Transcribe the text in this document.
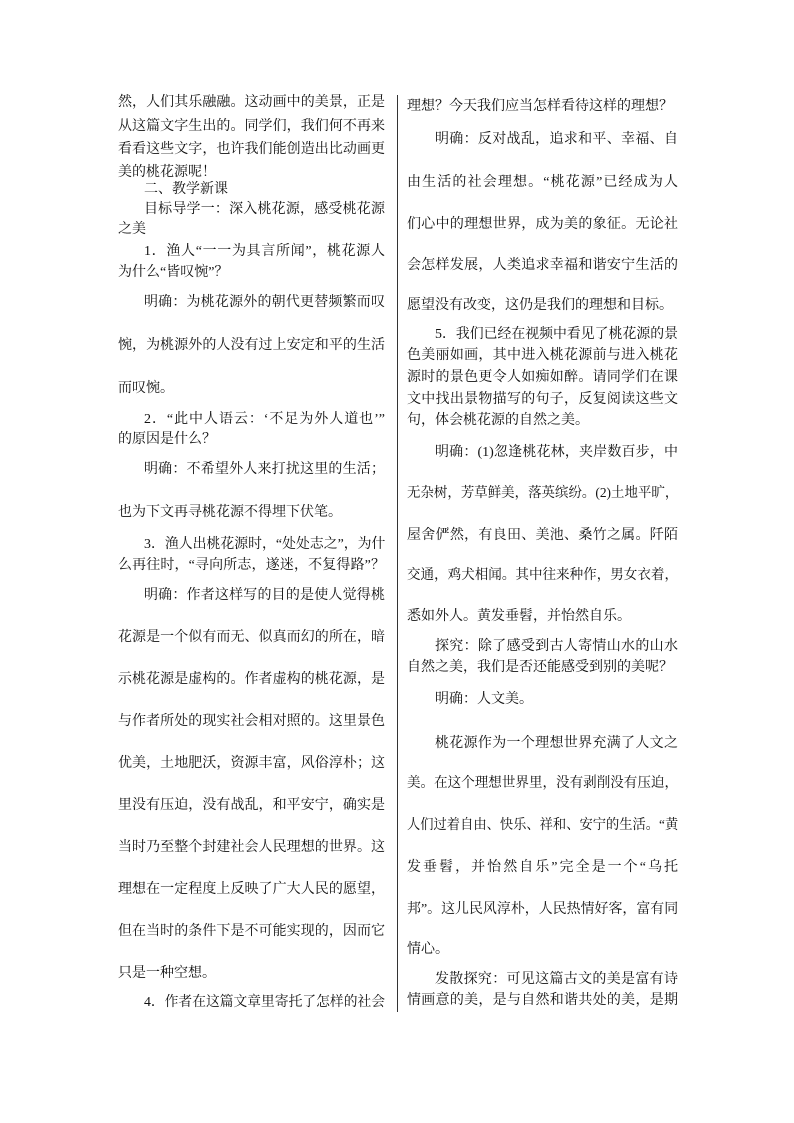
然，人们其乐融融。这动画中的美景，正是
从这篇文字生出的。同学们，我们何不再来
看看这些文字，也许我们能创造出比动画更
美的桃花源呢！
二、教学新课
目标导学一：深入桃花源，感受桃花源
之美
1．渔人“一一为具言所闻”，桃花源人
为什么“皆叹惋”？
明确：为桃花源外的朝代更替频繁而叹
惋，为桃源外的人没有过上安定和平的生活
而叹惋。
2．“此中人语云：‘不足为外人道也’”
的原因是什么？
明确：不希望外人来打扰这里的生活；
也为下文再寻桃花源不得埋下伏笔。
3．渔人出桃花源时，“处处志之”，为什
么再往时，“寻向所志，遂迷，不复得路”？
明确：作者这样写的目的是使人觉得桃
花源是一个似有而无、似真而幻的所在，暗
示桃花源是虚构的。作者虚构的桃花源，是
与作者所处的现实社会相对照的。这里景色
优美，土地肥沃，资源丰富，风俗淳朴；这
里没有压迫，没有战乱，和平安宁，确实是
当时乃至整个封建社会人民理想的世界。这
理想在一定程度上反映了广大人民的愿望，
但在当时的条件下是不可能实现的，因而它
只是一种空想。
4．作者在这篇文章里寄托了怎样的社会
理想？今天我们应当怎样看待这样的理想？
明确：反对战乱，追求和平、幸福、自
由生活的社会理想。“桃花源”已经成为人
们心中的理想世界，成为美的象征。无论社
会怎样发展，人类追求幸福和谐安宁生活的
愿望没有改变，这仍是我们的理想和目标。
5．我们已经在视频中看见了桃花源的景
色美丽如画，其中进入桃花源前与进入桃花
源时的景色更令人如痴如醉。请同学们在课
文中找出景物描写的句子，反复阅读这些文
句，体会桃花源的自然之美。
明确：(1)忽逢桃花林，夹岸数百步，中
无杂树，芳草鲜美，落英缤纷。(2)土地平旷，
屋舍俨然，有良田、美池、桑竹之属。阡陌
交通，鸡犬相闻。其中往来种作，男女衣着，
悉如外人。黄发垂髫，并怡然自乐。
探究：除了感受到古人寄情山水的山水
自然之美，我们是否还能感受到别的美呢？
明确：人文美。
桃花源作为一个理想世界充满了人文之
美。在这个理想世界里，没有剥削没有压迫，
人们过着自由、快乐、祥和、安宁的生活。“黄
发垂髫，并怡然自乐”完全是一个“乌托
邦”。这儿民风淳朴，人民热情好客，富有同
情心。
发散探究：可见这篇古文的美是富有诗
情画意的美，是与自然和谐共处的美，是期
